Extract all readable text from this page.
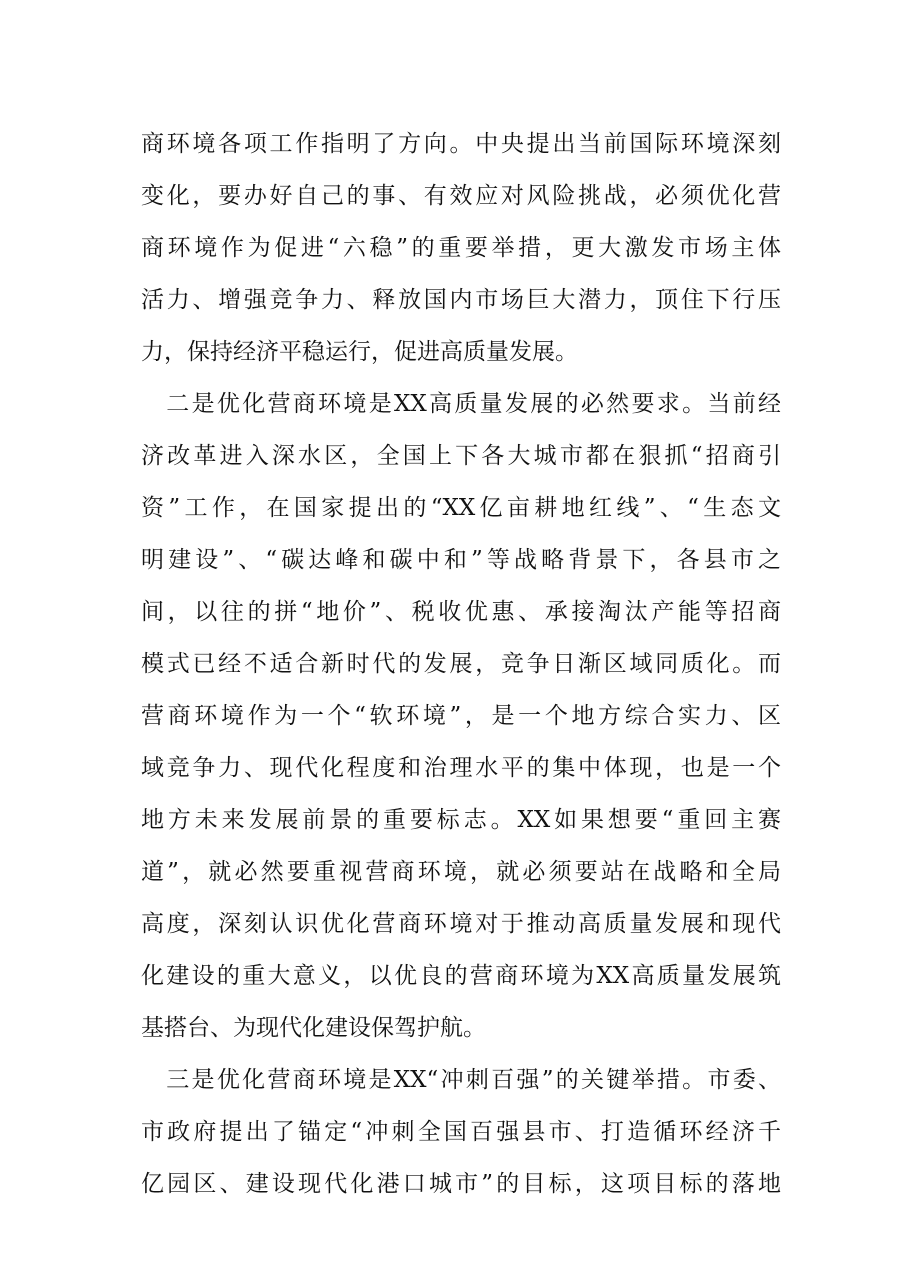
商环境各项工作指明了方向。中央提出当前国际环境深刻
变化，要办好自己的事、有效应对风险挑战，必须优化营
商环境作为促进“六稳”的重要举措，更大激发市场主体
活力、增强竞争力、释放国内市场巨大潜力，顶住下行压
力，保持经济平稳运行，促进高质量发展。
　二是优化营商环境是XX高质量发展的必然要求。当前经
济改革进入深水区，全国上下各大城市都在狠抓“招商引
资”工作，在国家提出的“XX亿亩耕地红线”、“生态文
明建设”、“碳达峰和碳中和”等战略背景下，各县市之
间，以往的拼“地价”、税收优惠、承接淘汰产能等招商
模式已经不适合新时代的发展，竞争日渐区域同质化。而
营商环境作为一个“软环境”，是一个地方综合实力、区
域竞争力、现代化程度和治理水平的集中体现，也是一个
地方未来发展前景的重要标志。XX如果想要“重回主赛
道”，就必然要重视营商环境，就必须要站在战略和全局
高度，深刻认识优化营商环境对于推动高质量发展和现代
化建设的重大意义，以优良的营商环境为XX高质量发展筑
基搭台、为现代化建设保驾护航。
　三是优化营商环境是XX“冲刺百强”的关键举措。市委、
市政府提出了锚定“冲刺全国百强县市、打造循环经济千
亿园区、建设现代化港口城市”的目标，这项目标的落地
